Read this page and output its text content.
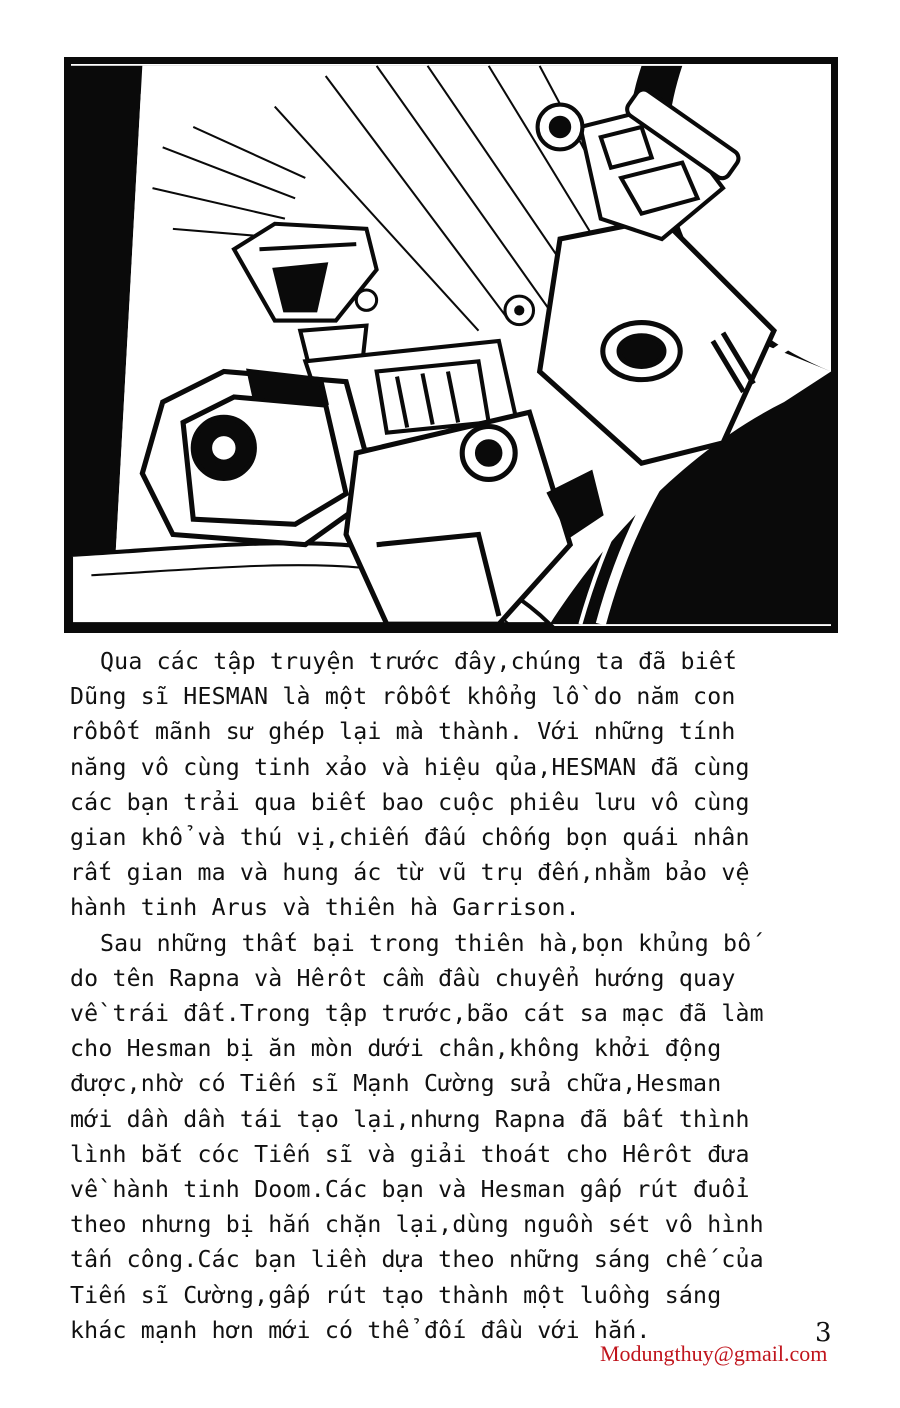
Qua các tập truyện trước đây,chúng ta đã biết
Dũng sĩ HESMAN là một rôbốt khổng lồ do năm con
rôbốt mãnh sư ghép lại mà thành. Với những tính
năng vô cùng tinh xảo và hiệu qủa,HESMAN đã cùng
các bạn trải qua biết bao cuộc phiêu lưu vô cùng
gian khổ và thú vị,chiến đấu chống bọn quái nhân
rất gian ma và hung ác từ vũ trụ đến,nhằm bảo vệ
hành tinh Arus và thiên hà Garrison.

Sau những thất bại trong thiên hà,bọn khủng bố
do tên Rapna và Hêrôt cầm đầu chuyển hướng quay
về trái đất.Trong tập trước,bão cát sa mạc đã làm
cho Hesman bị ăn mòn dưới chân,không khởi động
được,nhờ có Tiến sĩ Mạnh Cường sửa chữa,Hesman
mới dần dần tái tạo lại,nhưng Rapna đã bất thình
lình bắt cóc Tiến sĩ và giải thoát cho Hêrôt đưa
về hành tinh Doom.Các bạn và Hesman gấp rút đuổi
theo nhưng bị hắn chặn lại,dùng nguồn sét vô hình
tấn công.Các bạn liền dựa theo những sáng chế của
Tiến sĩ Cường,gấp rút tạo thành một luồng sáng
khác mạnh hơn mới có thể đối đầu với hắn.	3
Modungthuy@gmail.com
